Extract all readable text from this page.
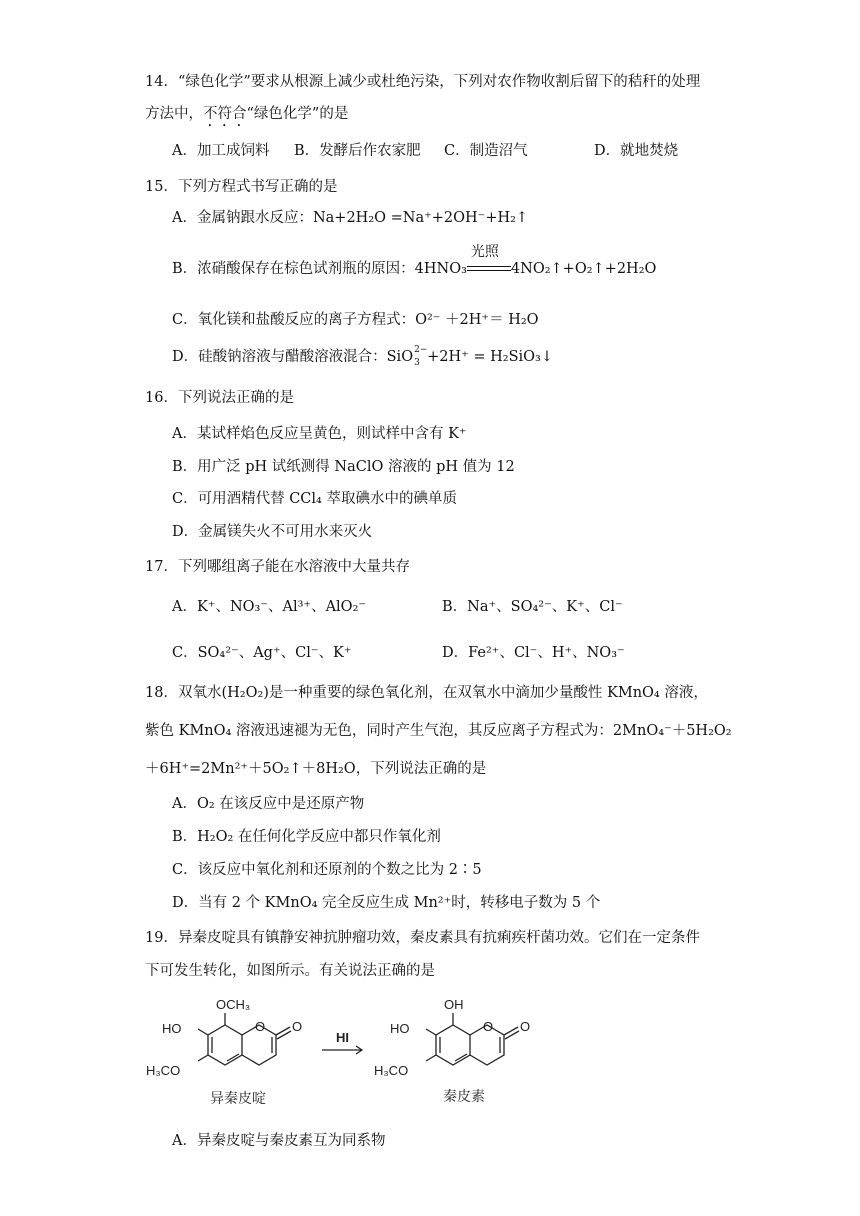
14．“绿色化学”要求从根源上减少或杜绝污染，下列对农作物收割后留下的秸秆的处理
方法中，不符合“绿色化学”的是
A．加工成饲料 B．发酵后作农家肥 C．制造沼气	D．就地焚烧
15．下列方程式书写正确的是
A．金属钠跟水反应：Na+2H₂O =Na⁺+2OH⁻+H₂↑
B．浓硝酸保存在棕色试剂瓶的原因：4HNO₃
光照
4NO₂↑+O₂↑+2H₂O
C．氧化镁和盐酸反应的离子方程式：O²⁻ ＋2H⁺＝ H₂O
D．硅酸钠溶液与醋酸溶液混合：SiO 2−
3 +2H⁺ = H₂SiO₃↓
16．下列说法正确的是
A．某试样焰色反应呈黄色，则试样中含有 K⁺
B．用广泛 pH 试纸测得 NaClO 溶液的 pH 值为 12
C．可用酒精代替 CCl₄ 萃取碘水中的碘单质
D．金属镁失火不可用水来灭火
17．下列哪组离子能在水溶液中大量共存
A．K⁺、NO₃⁻、Al³⁺、AlO₂⁻	B．Na⁺、SO₄²⁻、K⁺、Cl⁻
C．SO₄²⁻、Ag⁺、Cl⁻、K⁺	D．Fe²⁺、Cl⁻、H⁺、NO₃⁻
18．双氧水(H₂O₂)是一种重要的绿色氧化剂，在双氧水中滴加少量酸性 KMnO₄ 溶液，
紫色 KMnO₄ 溶液迅速褪为无色，同时产生气泡，其反应离子方程式为：2MnO₄⁻＋5H₂O₂
＋6H⁺=2Mn²⁺＋5O₂↑＋8H₂O，下列说法正确的是
A．O₂ 在该反应中是还原产物
B．H₂O₂ 在任何化学反应中都只作氧化剂
C．该反应中氧化剂和还原剂的个数之比为 2∶5
D．当有 2 个 KMnO₄ 完全反应生成 Mn²⁺时，转移电子数为 5 个
19．异秦皮啶具有镇静安神抗肿瘤功效，秦皮素具有抗痢疾杆菌功效。它们在一定条件
下可发生转化，如图所示。有关说法正确的是
OCH₃
HO	O O
H₃CO
HI
OH
HO	O O
H₃CO
异秦皮啶	秦皮素
A．异秦皮啶与秦皮素互为同系物
